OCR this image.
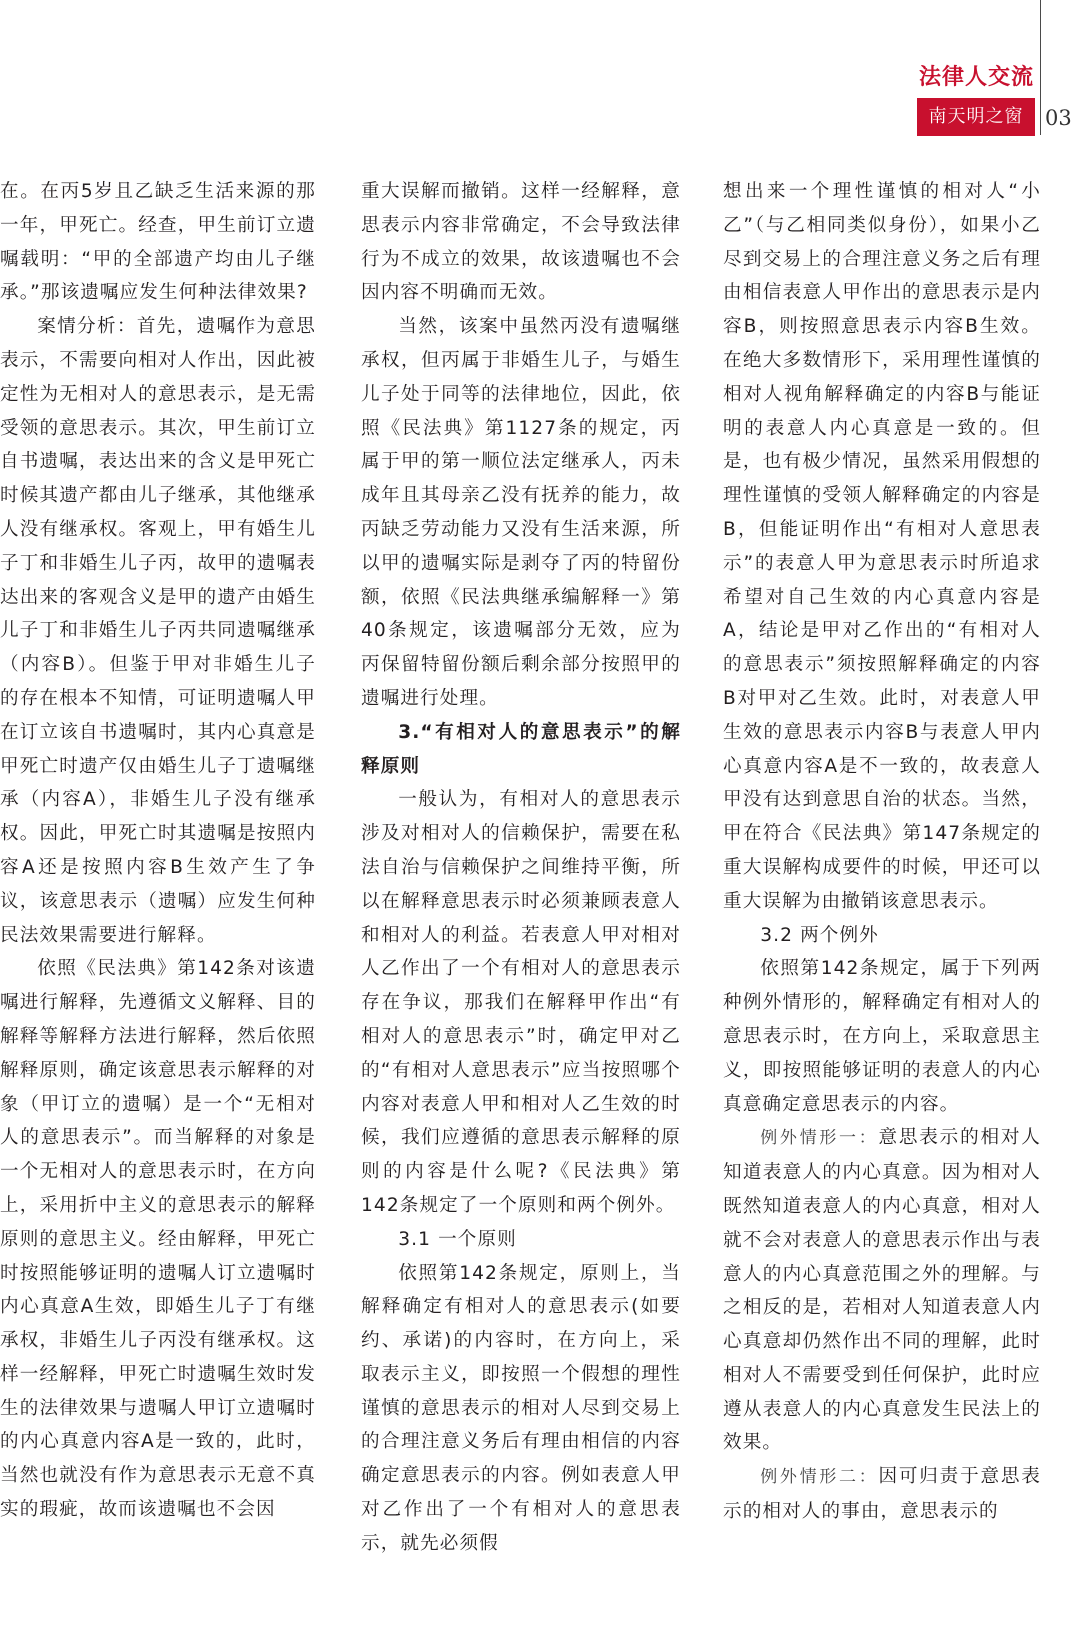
法律人交流
南天明之窗	03

在。在丙5岁且乙缺乏生活来源的那一年，甲死亡。经查，甲生前订立遗嘱载明：“甲的全部遗产均由儿子继承。”那该遗嘱应发生何种法律效果?

案情分析：首先，遗嘱作为意思表示，不需要向相对人作出，因此被定性为无相对人的意思表示，是无需受领的意思表示。其次，甲生前订立自书遗嘱，表达出来的含义是甲死亡时候其遗产都由儿子继承，其他继承人没有继承权。客观上，甲有婚生儿子丁和非婚生儿子丙，故甲的遗嘱表达出来的客观含义是甲的遗产由婚生儿子丁和非婚生儿子丙共同遗嘱继承（内容B）。但鉴于甲对非婚生儿子的存在根本不知情，可证明遗嘱人甲在订立该自书遗嘱时，其内心真意是甲死亡时遗产仅由婚生儿子丁遗嘱继承（内容A），非婚生儿子没有继承权。因此，甲死亡时其遗嘱是按照内容A还是按照内容B生效产生了争议，该意思表示（遗嘱）应发生何种民法效果需要进行解释。

依照《民法典》第142条对该遗嘱进行解释，先遵循文义解释、目的解释等解释方法进行解释，然后依照解释原则，确定该意思表示解释的对象（甲订立的遗嘱）是一个“无相对人的意思表示”。而当解释的对象是一个无相对人的意思表示时，在方向上，采用折中主义的意思表示的解释原则的意思主义。经由解释，甲死亡时按照能够证明的遗嘱人订立遗嘱时内心真意A生效，即婚生儿子丁有继承权，非婚生儿子丙没有继承权。这样一经解释，甲死亡时遗嘱生效时发生的法律效果与遗嘱人甲订立遗嘱时的内心真意内容A是一致的，此时，当然也就没有作为意思表示无意不真实的瑕疵，故而该遗嘱也不会因

重大误解而撤销。这样一经解释，意思表示内容非常确定，不会导致法律行为不成立的效果，故该遗嘱也不会因内容不明确而无效。

当然，该案中虽然丙没有遗嘱继承权，但丙属于非婚生儿子，与婚生儿子处于同等的法律地位，因此，依照《民法典》第1127条的规定，丙属于甲的第一顺位法定继承人，丙未成年且其母亲乙没有抚养的能力，故丙缺乏劳动能力又没有生活来源，所以甲的遗嘱实际是剥夺了丙的特留份额，依照《民法典继承编解释一》第40条规定，该遗嘱部分无效，应为丙保留特留份额后剩余部分按照甲的遗嘱进行处理。

3.“有相对人的意思表示”的解释原则

一般认为，有相对人的意思表示涉及对相对人的信赖保护，需要在私法自治与信赖保护之间维持平衡，所以在解释意思表示时必须兼顾表意人和相对人的利益。若表意人甲对相对人乙作出了一个有相对人的意思表示存在争议，那我们在解释甲作出“有相对人的意思表示”时，确定甲对乙的“有相对人意思表示”应当按照哪个内容对表意人甲和相对人乙生效的时候，我们应遵循的意思表示解释的原则的内容是什么呢?《民法典》第142条规定了一个原则和两个例外。

3.1 一个原则

依照第142条规定，原则上，当解释确定有相对人的意思表示(如要约、承诺)的内容时，在方向上，采取表示主义，即按照一个假想的理性谨慎的意思表示的相对人尽到交易上的合理注意义务后有理由相信的内容确定意思表示的内容。例如表意人甲对乙作出了一个有相对人的意思表示，就先必须假

想出来一个理性谨慎的相对人“小乙”（与乙相同类似身份），如果小乙尽到交易上的合理注意义务之后有理由相信表意人甲作出的意思表示是内容B，则按照意思表示内容B生效。在绝大多数情形下，采用理性谨慎的相对人视角解释确定的内容B与能证明的表意人内心真意是一致的。但是，也有极少情况，虽然采用假想的理性谨慎的受领人解释确定的内容是B，但能证明作出“有相对人意思表示”的表意人甲为意思表示时所追求希望对自己生效的内心真意内容是A，结论是甲对乙作出的“有相对人的意思表示”须按照解释确定的内容B对甲对乙生效。此时，对表意人甲生效的意思表示内容B与表意人甲内心真意内容A是不一致的，故表意人甲没有达到意思自治的状态。当然，甲在符合《民法典》第147条规定的重大误解构成要件的时候，甲还可以重大误解为由撤销该意思表示。

3.2 两个例外

依照第142条规定，属于下列两种例外情形的，解释确定有相对人的意思表示时，在方向上，采取意思主义，即按照能够证明的表意人的内心真意确定意思表示的内容。

例外情形一：意思表示的相对人知道表意人的内心真意。因为相对人既然知道表意人的内心真意，相对人就不会对表意人的意思表示作出与表意人的内心真意范围之外的理解。与之相反的是，若相对人知道表意人内心真意却仍然作出不同的理解，此时相对人不需要受到任何保护，此时应遵从表意人的内心真意发生民法上的效果。

例外情形二：因可归责于意思表示的相对人的事由，意思表示的
